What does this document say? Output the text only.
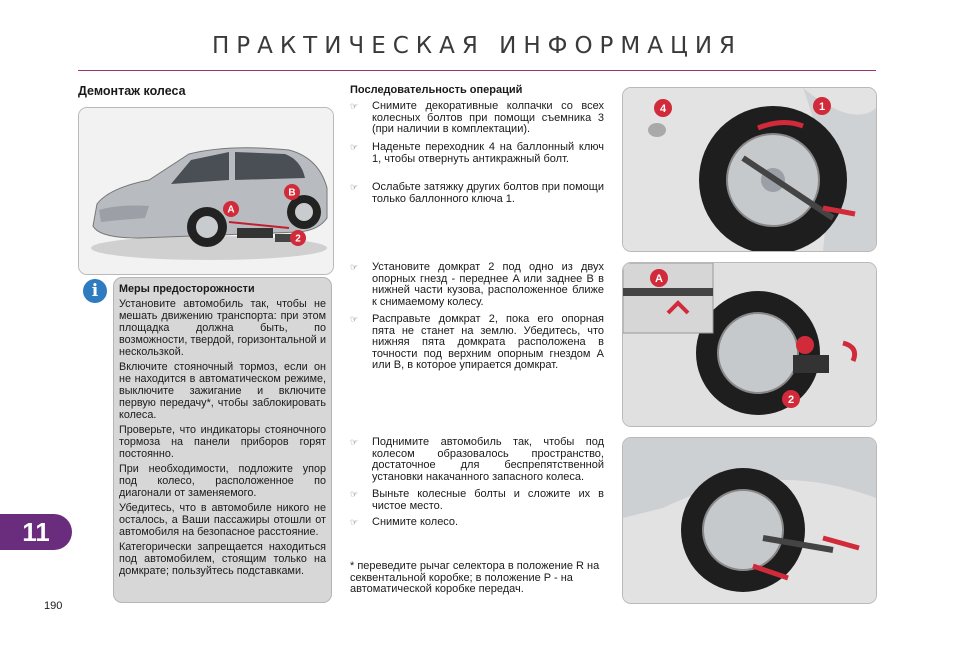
ПРАКТИЧЕСКАЯ ИНФОРМАЦИЯ
Демонтаж колеса
A
B
2
i	Меры предосторожности

Установите автомобиль так, чтобы не мешать движению транспорта: при этом площадка должна быть, по возможности, твердой, горизонтальной и нескользкой.

Включите стояночный тормоз, если он не находится в автоматическом режиме, выключите зажигание и включите первую передачу*, чтобы заблокировать колеса.

Проверьте, что индикаторы стояночного тормоза на панели приборов горят постоянно.

При необходимости, подложите упор под колесо, расположенное по диагонали от заменяемого.

Убедитесь, что в автомобиле никого не осталось, а Ваши пассажиры отошли от автомобиля на безопасное расстояние.

Категорически запрещается находиться под автомобилем, стоящим только на домкрате; пользуйтесь подставками.

11
190
Последовательность операций
☞ Снимите декоративные колпачки со всех колесных болтов при помощи съемника 3 (при наличии в комплектации).
☞ Наденьте переходник 4 на баллонный ключ 1, чтобы отвернуть антикражный болт.
☞ Ослабьте затяжку других болтов при помощи только баллонного ключа 1.
☞ Установите домкрат 2 под одно из двух опорных гнезд - переднее A или заднее B в нижней части кузова, расположенное ближе к снимаемому колесу.
☞ Расправьте домкрат 2, пока его опорная пята не станет на землю. Убедитесь, что нижняя пята домкрата расположена в точности под верхним опорным гнездом A или B, в которое упирается домкрат.
☞ Поднимите автомобиль так, чтобы под колесом образовалось пространство, достаточное для беспрепятственной установки накачанного запасного колеса.
☞ Выньте колесные болты и сложите их в чистое место.
☞ Снимите колесо.
* переведите рычаг селектора в положение R на секвентальной коробке; в положение P - на автоматической коробке передач.
4	1
A
2
